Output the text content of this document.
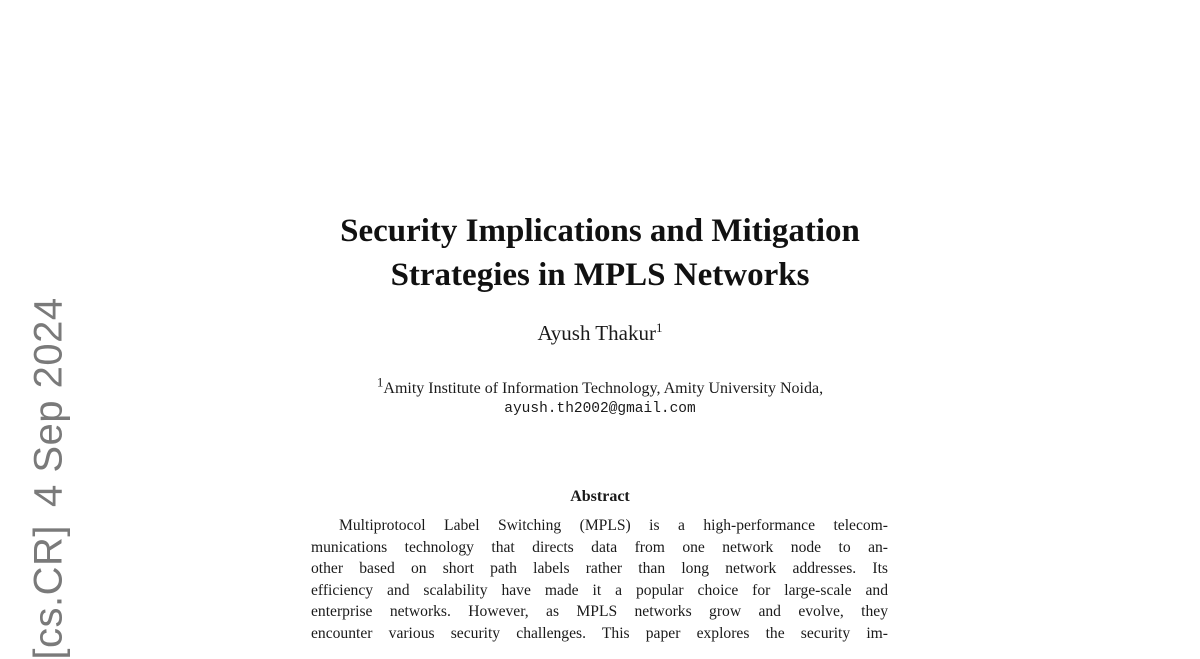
[cs.CR]4 Sep 2024
Security Implications and Mitigation
Strategies in MPLS Networks
Ayush Thakur$^1$
$^1$Amity Institute of Information Technology, Amity University Noida,
ayush.th2002@gmail.com
Abstract
Multiprotocol Label Switching (MPLS) is a high-performance telecom-
munications technology that directs data from one network node to an-
other based on short path labels rather than long network addresses. Its
efficiency and scalability have made it a popular choice for large-scale and
enterprise networks. However, as MPLS networks grow and evolve, they
encounter various security challenges. This paper explores the security im-
